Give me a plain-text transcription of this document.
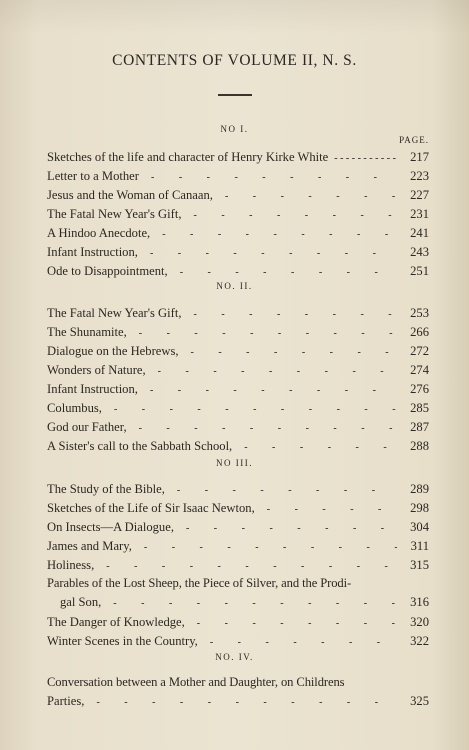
CONTENTS OF VOLUME II, N. S.
NO I.
PAGE.
Sketches of the life and character of Henry Kirke White - - -	217
Letter to a Mother - - -	223
Jesus and the Woman of Canaan, - - -	227
The Fatal New Year's Gift, - - -	231
A Hindoo Anecdote, - - -	241
Infant Instruction, - - -	243
Ode to Disappointment, - - -	251
NO. II.
The Fatal New Year's Gift, - - -	253
The Shunamite, - - -	266
Dialogue on the Hebrews, - - -	272
Wonders of Nature, - - -	274
Infant Instruction, - - -	276
Columbus, - - -	285
God our Father, - - -	287
A Sister's call to the Sabbath School, - - -	288
NO III.
The Study of the Bible, - - -	289
Sketches of the Life of Sir Isaac Newton, - - -	298
On Insects—A Dialogue, - - -	304
James and Mary, - - -	311
Holiness, - - -	315
Parables of the Lost Sheep, the Piece of Silver, and the Prodi-
gal Son, - - -	316
The Danger of Knowledge, - - -	320
Winter Scenes in the Country, - - -	322
NO. IV.
Conversation between a Mother and Daughter, on Childrens
Parties, - - -	325
